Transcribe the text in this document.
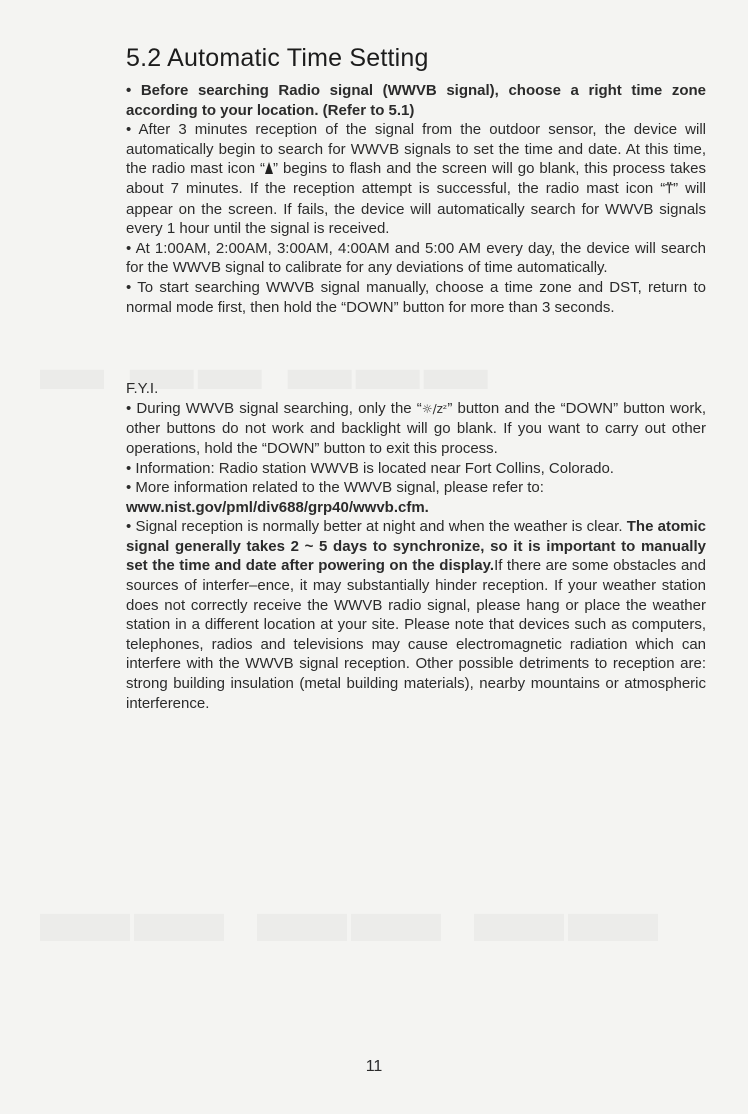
5.2 Automatic Time Setting

• Before searching Radio signal (WWVB signal), choose a right time zone according to your location. (Refer to 5.1)

• After 3 minutes reception of the signal from the outdoor sensor, the device will automatically begin to search for WWVB signals to set the time and date. At this time, the radio mast icon “ ” begins to flash and the screen will go blank, this process takes about 7 minutes. If the reception attempt is successful, the radio mast icon “⍡” will appear on the screen. If fails, the device will automatically search for WWVB signals every 1 hour until the signal is received.

• At 1:00AM, 2:00AM, 3:00AM, 4:00AM and 5:00 AM every day, the device will search for the WWVB signal to calibrate for any deviations of time automatically.

• To start searching WWVB signal manually, choose a time zone and DST, return to normal mode first, then hold the “DOWN” button for more than 3 seconds.

F.Y.I.

• During WWVB signal searching, only the “☼/zᶻ” button and the “DOWN” button work, other buttons do not work and backlight will go blank. If you want to carry out other operations, hold the “DOWN” button to exit this process.

• Information: Radio station WWVB is located near Fort Collins, Colorado.

• More information related to the WWVB signal, please refer to:
www.nist.gov/pml/div688/grp40/wwvb.cfm.

• Signal reception is normally better at night and when the weather is clear. The atomic signal generally takes 2 ~ 5 days to synchronize, so it is important to manually set the time and date after powering on the display.If there are some obstacles and sources of interfer–ence, it may substantially hinder reception. If your weather station does not correctly receive the WWVB radio signal, please hang or place the weather station in a different location at your site. Please note that devices such as computers, telephones, radios and televisions may cause electromagnetic radiation which can interfere with the WWVB signal reception. Other possible detriments to reception are: strong building insulation (metal building materials), nearby mountains or atmospheric interference.

11
